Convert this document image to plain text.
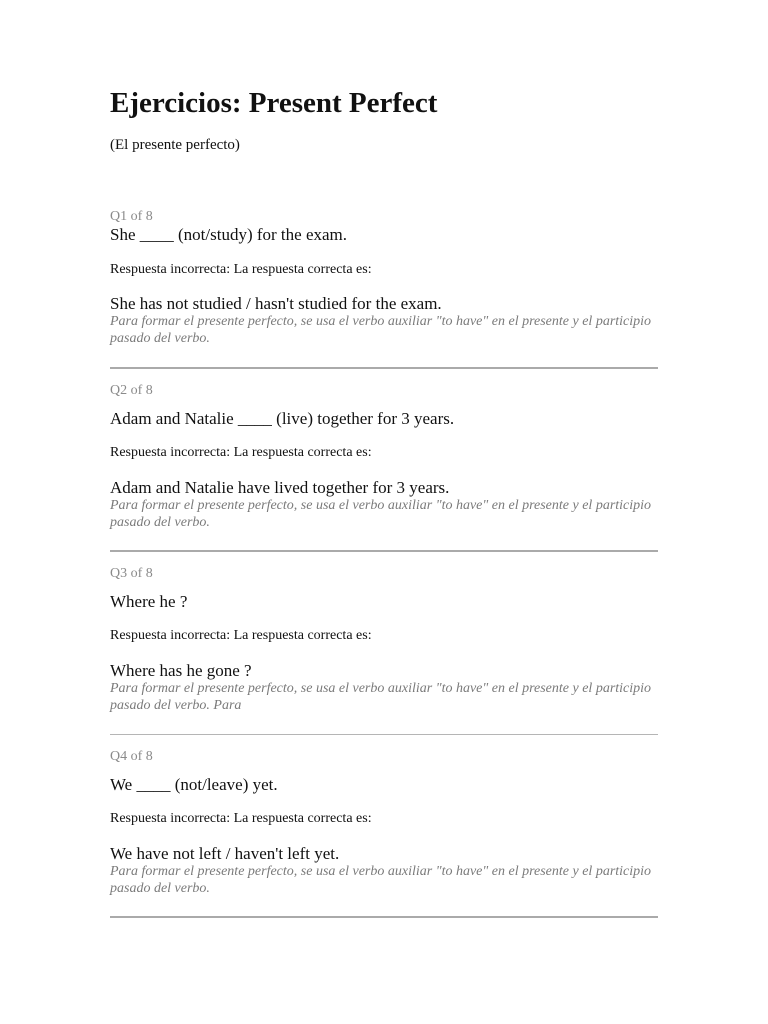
Ejercicios: Present Perfect
(El presente perfecto)
Q1 of 8
She ____ (not/study) for the exam.
Respuesta incorrecta: La respuesta correcta es:
She has not studied / hasn't studied for the exam.
Para formar el presente perfecto, se usa el verbo auxiliar "to have" en el presente y el participio pasado del verbo.
Q2 of 8
Adam and Natalie ____ (live) together for 3 years.
Respuesta incorrecta: La respuesta correcta es:
Adam and Natalie have lived together for 3 years.
Para formar el presente perfecto, se usa el verbo auxiliar "to have" en el presente y el participio pasado del verbo.
Q3 of 8
Where he ?
Respuesta incorrecta: La respuesta correcta es:
Where has he gone ?
Para formar el presente perfecto, se usa el verbo auxiliar "to have" en el presente y el participio pasado del verbo. Para
Q4 of 8
We ____ (not/leave) yet.
Respuesta incorrecta: La respuesta correcta es:
We have not left / haven't left yet.
Para formar el presente perfecto, se usa el verbo auxiliar "to have" en el presente y el participio pasado del verbo.
